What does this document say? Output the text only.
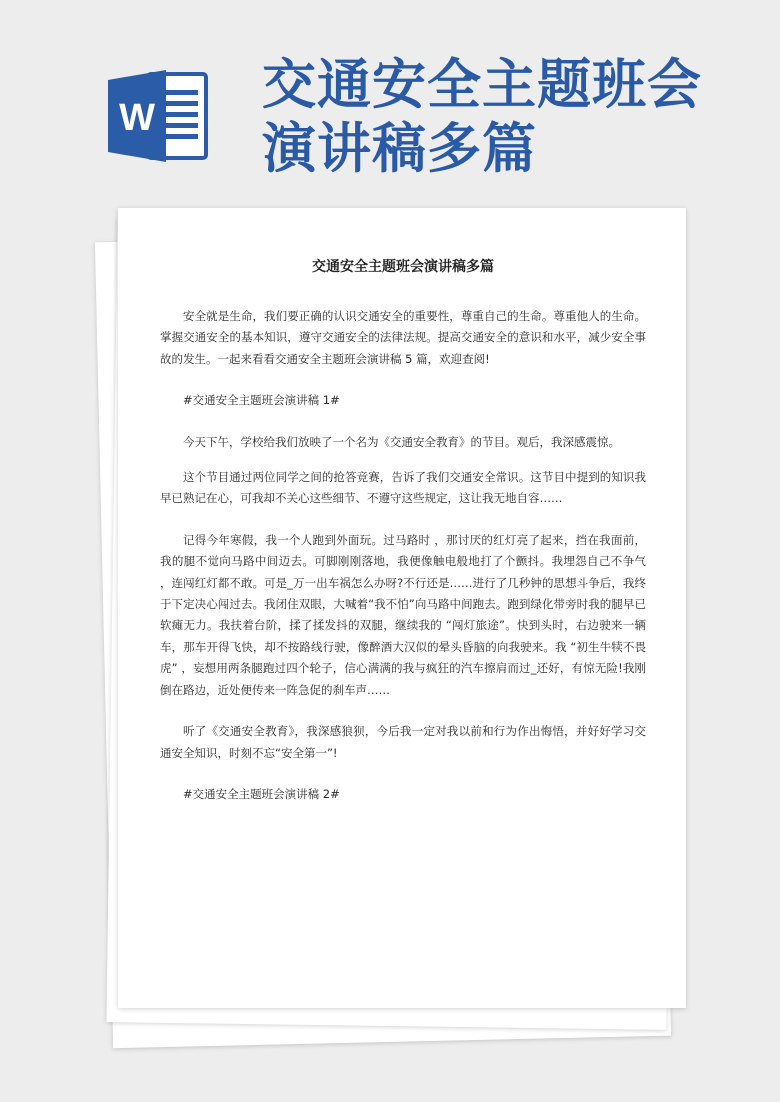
W
交通安全主题班会
演讲稿多篇
交通安全主题班会演讲稿多篇

安全就是生命，我们要正确的认识交通安全的重要性，尊重自己的生命。尊重他人的生命。掌握交通安全的基本知识，遵守交通安全的法律法规。提高交通安全的意识和水平，减少安全事故的发生。一起来看看交通安全主题班会演讲稿 5 篇，欢迎查阅!

#交通安全主题班会演讲稿 1#

今天下午，学校给我们放映了一个名为《交通安全教育》的节目。观后，我深感震惊。

这个节目通过两位同学之间的抢答竞赛，告诉了我们交通安全常识。这节目中提到的知识我早已熟记在心，可我却不关心这些细节、不遵守这些规定，这让我无地自容……

记得今年寒假，我一个人跑到外面玩。过马路时 ，那讨厌的红灯亮了起来，挡在我面前，我的腿不觉向马路中间迈去。可脚刚刚落地，我便像触电般地打了个颤抖。我埋怨自己不争气 ，连闯红灯都不敢。可是_万一出车祸怎么办呀?不行还是……进行了几秒钟的思想斗争后，我终于下定决心闯过去。我闭住双眼，大喊着“我不怕”向马路中间跑去。跑到绿化带旁时我的腿早已软瘫无力。我扶着台阶，揉了揉发抖的双腿，继续我的 “闯灯旅途”。快到头时，右边驶来一辆车，那车开得飞快，却不按路线行驶，像醉酒大汉似的晕头昏脑的向我驶来。我 “初生牛犊不畏虎” ，妄想用两条腿跑过四个轮子，信心满满的我与疯狂的汽车擦肩而过_还好，有惊无险!我刚倒在路边，近处便传来一阵急促的刹车声……

听了《交通安全教育》，我深感狼狈，今后我一定对我以前和行为作出悔悟，并好好学习交通安全知识，时刻不忘“安全第一”!

#交通安全主题班会演讲稿 2#
